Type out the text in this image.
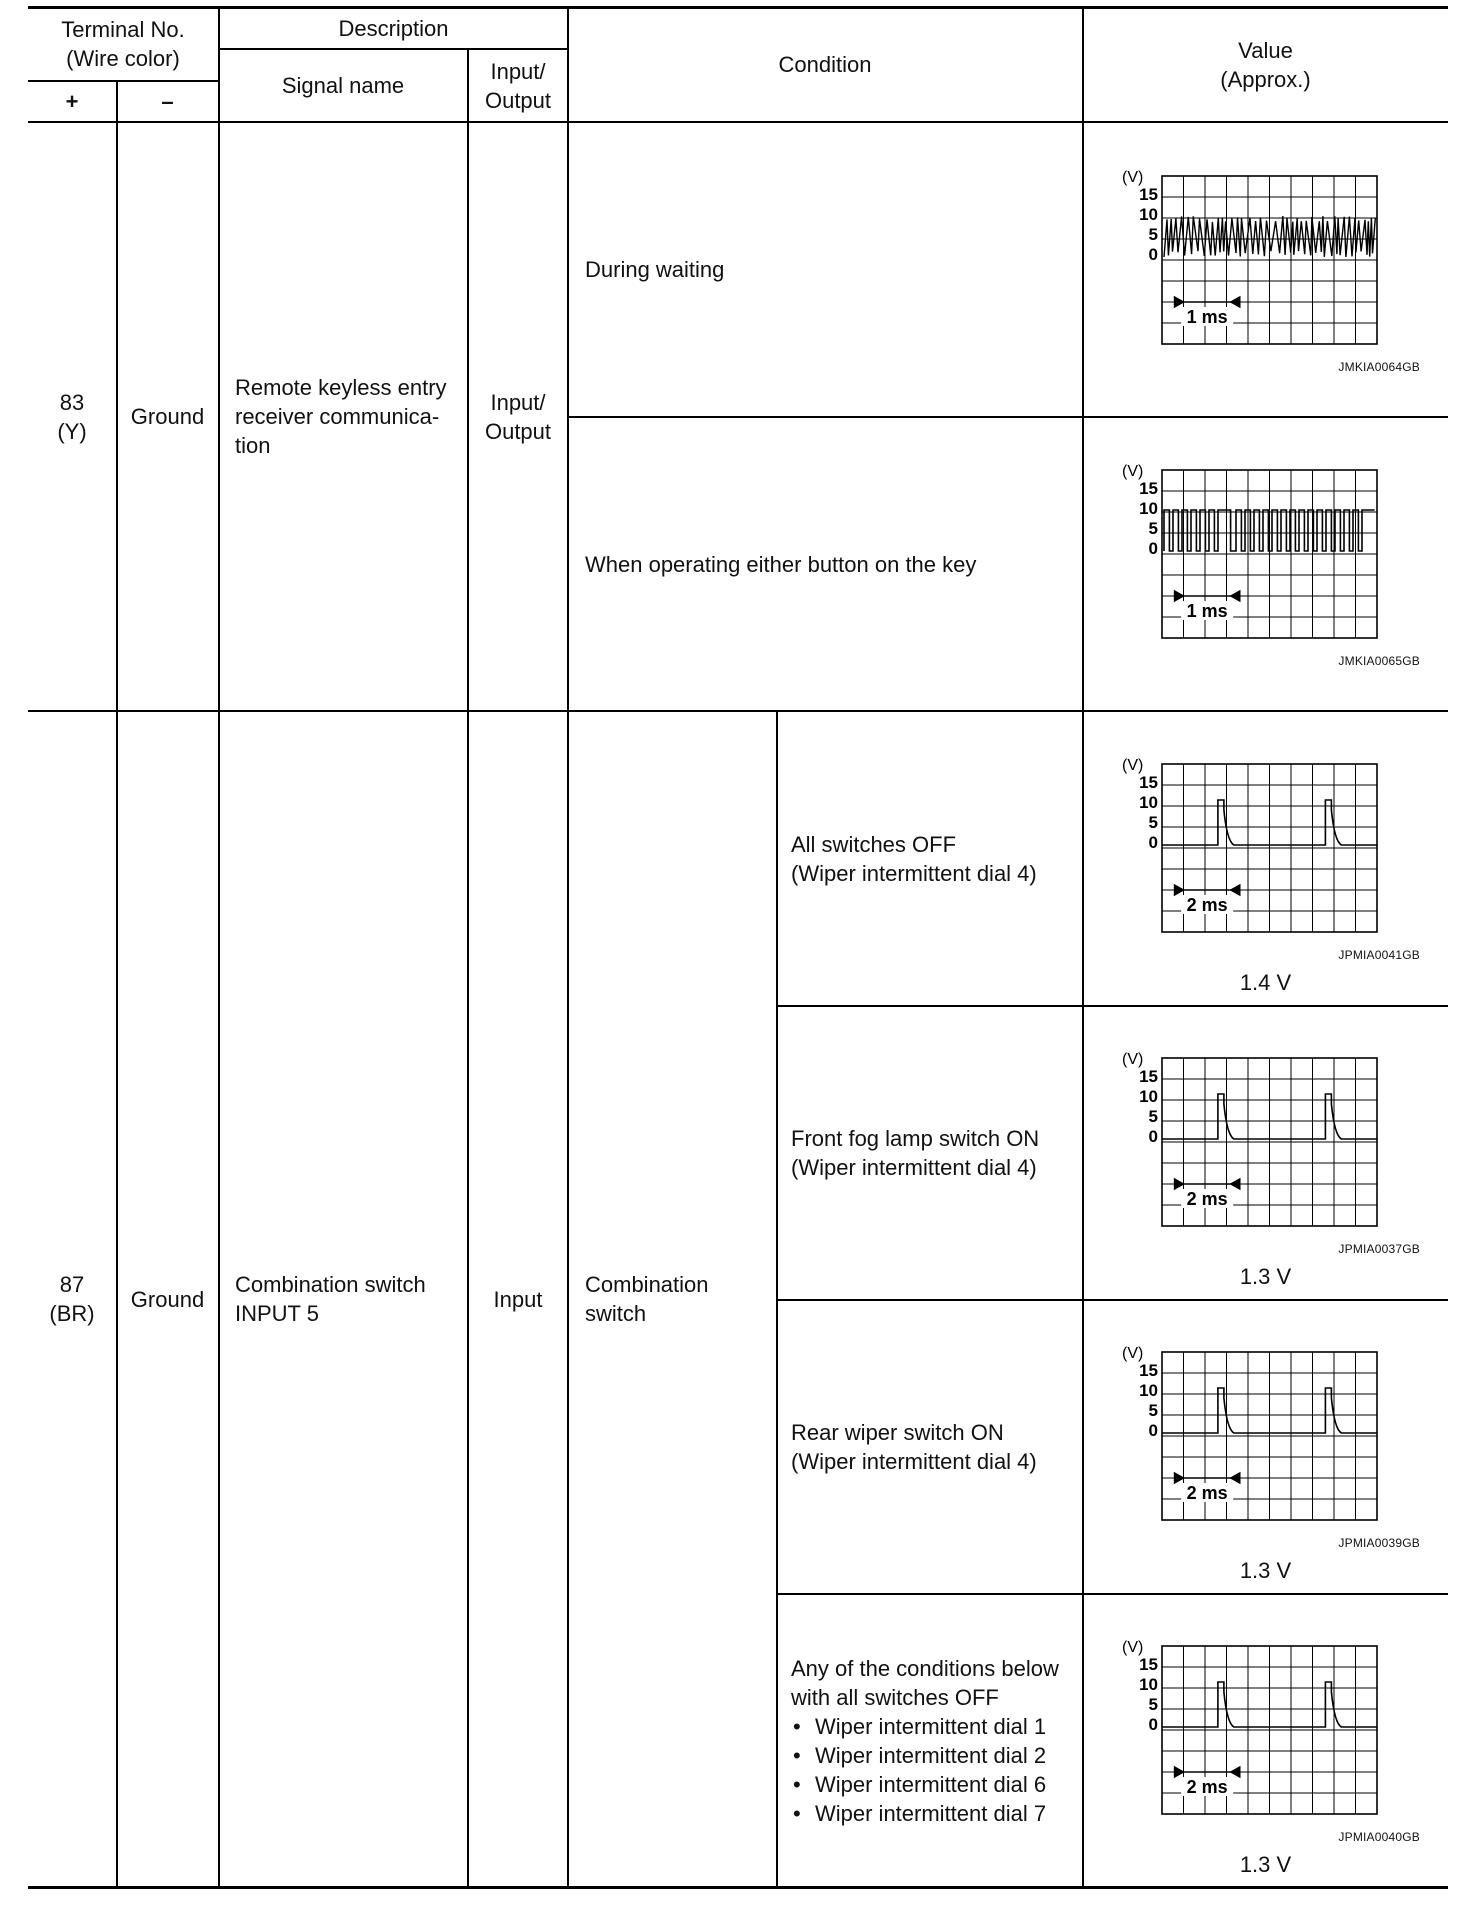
Terminal No.
(Wire color)
+	–
Description
Signal name
Input/
Output
Condition
Value
(Approx.)
83
(Y)
Ground
Remote keyless entry
receiver communica-
tion
Input/
Output
During waiting
When operating either button on the key
87
(BR)
Ground
Combination switch
INPUT 5
Input
Combination
switch
All switches OFF
(Wiper intermittent dial 4)
Front fog lamp switch ON
(Wiper intermittent dial 4)
Rear wiper switch ON
(Wiper intermittent dial 4)
Any of the conditions below
with all switches OFF
• Wiper intermittent dial 1
• Wiper intermittent dial 2
• Wiper intermittent dial 6
• Wiper intermittent dial 7
(V)
15
10
5
0
1 ms
JMKIA0064GB
(V)
15
10
5
0
1 ms
JMKIA0065GB
(V)
15
10
5
0
2 ms
JPMIA0041GB
(V)
15
10
5
0
2 ms
JPMIA0037GB
(V)
15
10
5
0
2 ms
JPMIA0039GB
(V)
15
10
5
0
2 ms
JPMIA0040GB
1.4 V
1.3 V
1.3 V
1.3 V
